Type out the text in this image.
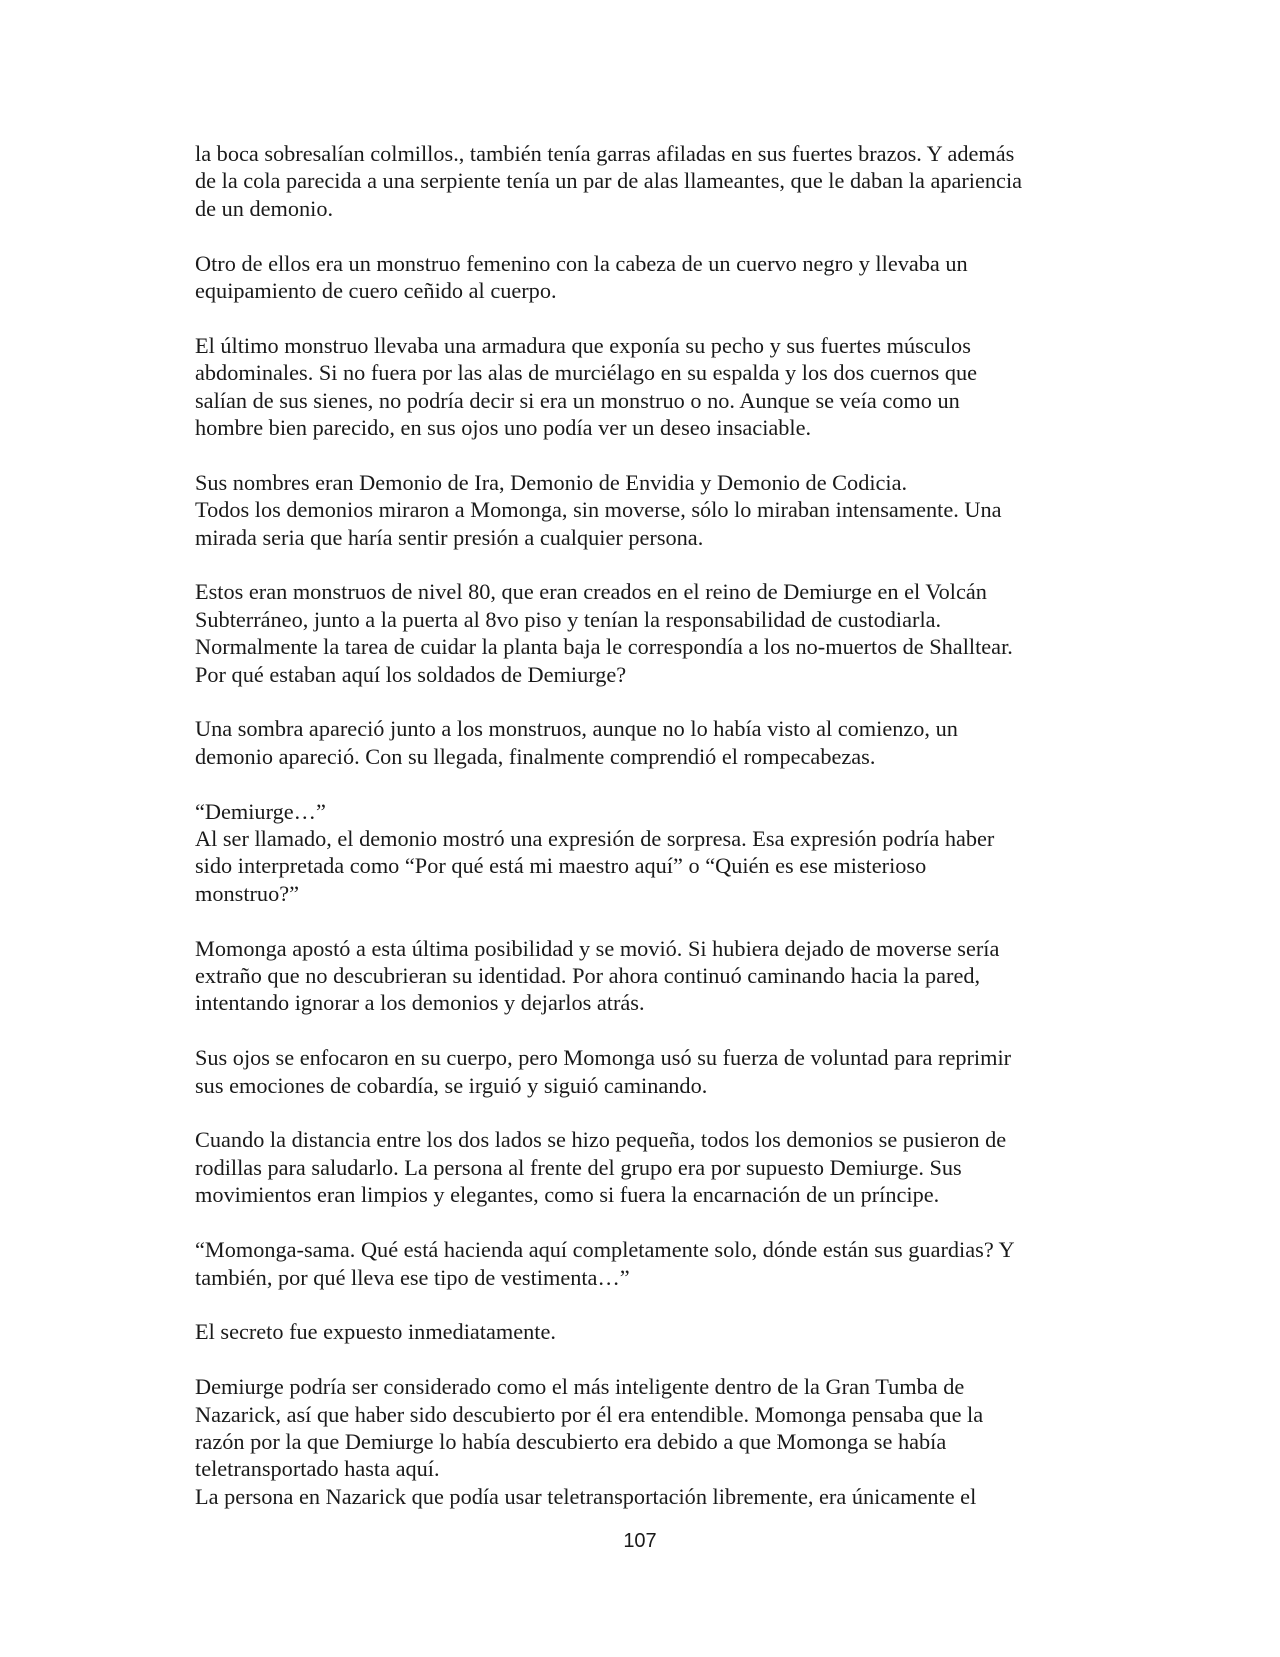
la boca sobresalían colmillos., también tenía garras afiladas en sus fuertes brazos. Y además
de la cola parecida a una serpiente tenía un par de alas llameantes, que le daban la apariencia
de un demonio.

Otro de ellos era un monstruo femenino con la cabeza de un cuervo negro y llevaba un
equipamiento de cuero ceñido al cuerpo.

El último monstruo llevaba una armadura que exponía su pecho y sus fuertes músculos
abdominales. Si no fuera por las alas de murciélago en su espalda y los dos cuernos que
salían de sus sienes, no podría decir si era un monstruo o no. Aunque se veía como un
hombre bien parecido, en sus ojos uno podía ver un deseo insaciable.

Sus nombres eran Demonio de Ira, Demonio de Envidia y Demonio de Codicia.
Todos los demonios miraron a Momonga, sin moverse, sólo lo miraban intensamente. Una
mirada seria que haría sentir presión a cualquier persona.

Estos eran monstruos de nivel 80, que eran creados en el reino de Demiurge en el Volcán
Subterráneo, junto a la puerta al 8vo piso y tenían la responsabilidad de custodiarla.
Normalmente la tarea de cuidar la planta baja le correspondía a los no-muertos de Shalltear.
Por qué estaban aquí los soldados de Demiurge?

Una sombra apareció junto a los monstruos, aunque no lo había visto al comienzo, un
demonio apareció. Con su llegada, finalmente comprendió el rompecabezas.

“Demiurge…”
Al ser llamado, el demonio mostró una expresión de sorpresa. Esa expresión podría haber
sido interpretada como “Por qué está mi maestro aquí” o “Quién es ese misterioso
monstruo?”

Momonga apostó a esta última posibilidad y se movió. Si hubiera dejado de moverse sería
extraño que no descubrieran su identidad. Por ahora continuó caminando hacia la pared,
intentando ignorar a los demonios y dejarlos atrás.

Sus ojos se enfocaron en su cuerpo, pero Momonga usó su fuerza de voluntad para reprimir
sus emociones de cobardía, se irguió y siguió caminando.

Cuando la distancia entre los dos lados se hizo pequeña, todos los demonios se pusieron de
rodillas para saludarlo. La persona al frente del grupo era por supuesto Demiurge. Sus
movimientos eran limpios y elegantes, como si fuera la encarnación de un príncipe.

“Momonga-sama. Qué está hacienda aquí completamente solo, dónde están sus guardias? Y
también, por qué lleva ese tipo de vestimenta…”

El secreto fue expuesto inmediatamente.

Demiurge podría ser considerado como el más inteligente dentro de la Gran Tumba de
Nazarick, así que haber sido descubierto por él era entendible. Momonga pensaba que la
razón por la que Demiurge lo había descubierto era debido a que Momonga se había
teletransportado hasta aquí.
La persona en Nazarick que podía usar teletransportación libremente, era únicamente el

107
